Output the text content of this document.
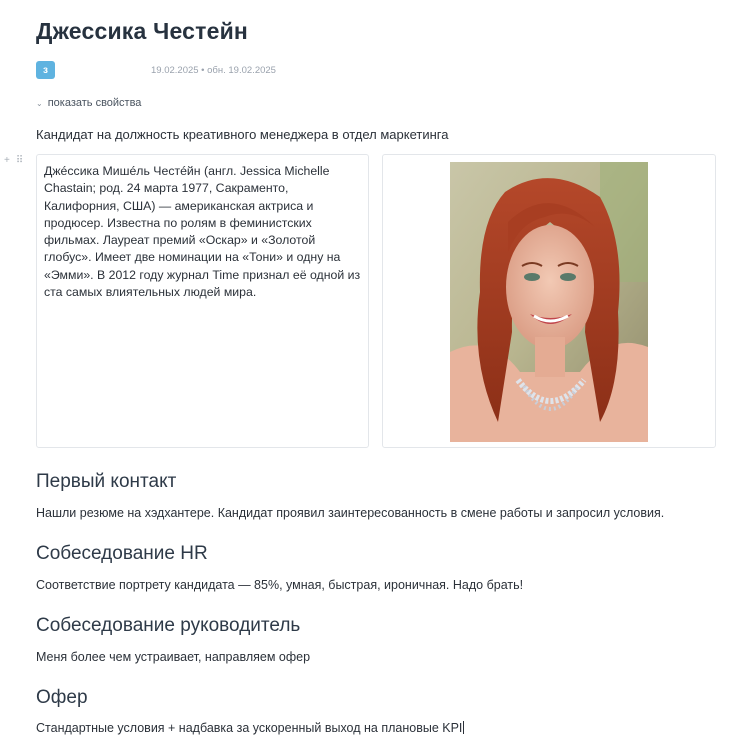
Джессика Честейн
з	19.02.2025 • обн. 19.02.2025
⌄ показать свойства
Кандидат на должность креативного менеджера в отдел маркетинга
+ ⠿

Джéссика Мишéль Честéйн (англ. Jessica Michelle Chastain; род. 24 марта 1977, Сакраменто, Калифорния, США) — американская актриса и продюсер. Известна по ролям в феминистских фильмах. Лауреат премий «Оскар» и «Золотой глобус». Имеет две номинации на «Тони» и одну на «Эмми». В 2012 году журнал Time признал её одной из ста самых влиятельных людей мира.

Первый контакт

Нашли резюме на хэдхантере. Кандидат проявил заинтересованность в смене работы и запросил условия.

Собеседование HR

Соответствие портрету кандидата — 85%, умная, быстрая, ироничная. Надо брать!

Собеседование руководитель

Меня более чем устраивает, направляем офер

Офер

Стандартные условия + надбавка за ускоренный выход на плановые KPI
